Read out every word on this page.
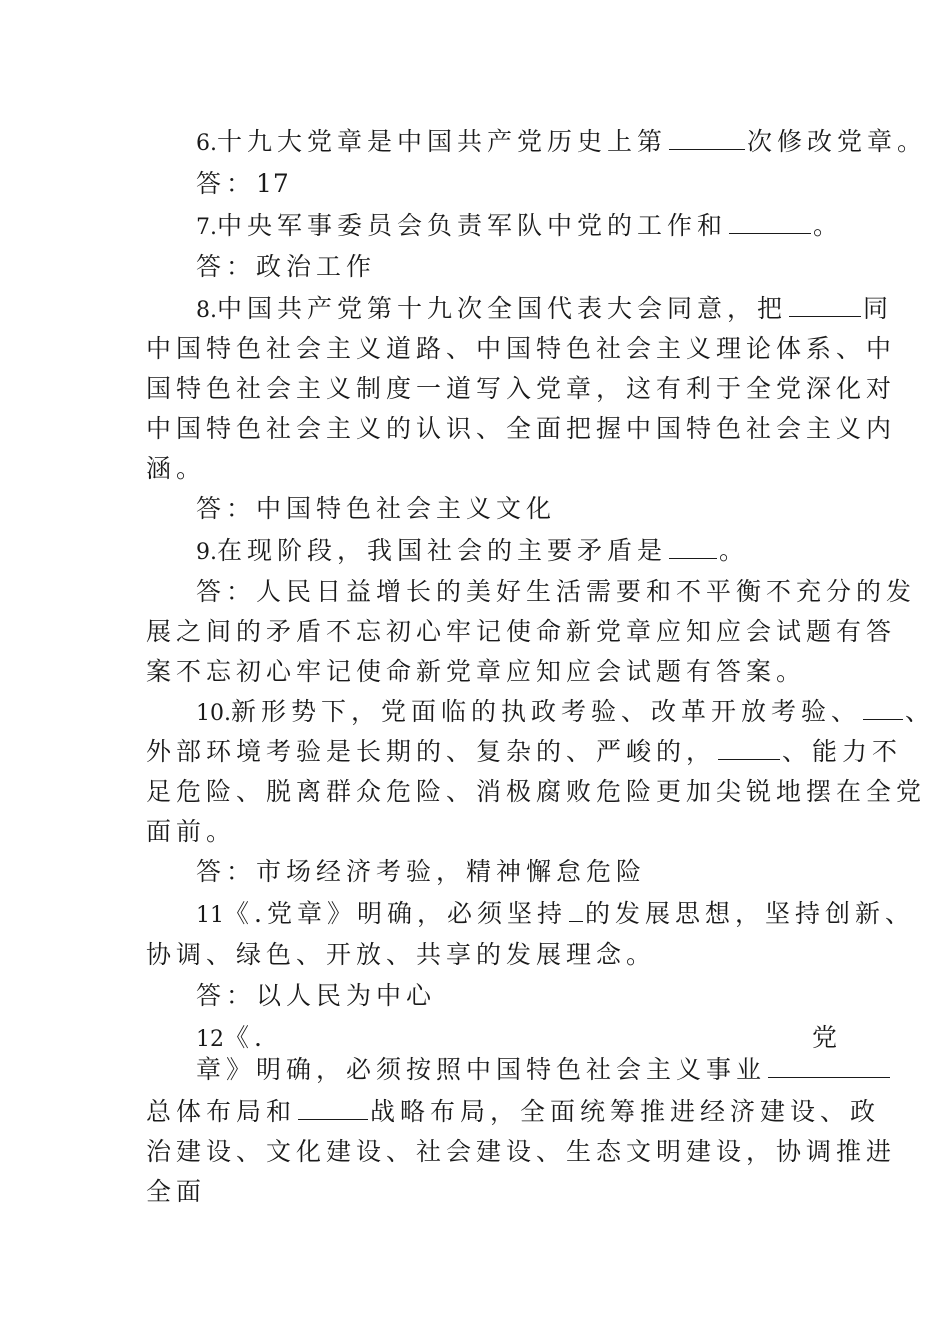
6.十九大党章是中国共产党历史上第	次修改党章。
答：17
7.中央军事委员会负责军队中党的工作和	。
答：政治工作
8.中国共产党第十九次全国代表大会同意，把	同
中国特色社会主义道路、中国特色社会主义理论体系、中
国特色社会主义制度一道写入党章，这有利于全党深化对
中国特色社会主义的认识、全面把握中国特色社会主义内
涵。
答：中国特色社会主义文化
9.在现阶段，我国社会的主要矛盾是 。
答：人民日益增长的美好生活需要和不平衡不充分的发
展之间的矛盾不忘初心牢记使命新党章应知应会试题有答
案不忘初心牢记使命新党章应知应会试题有答案。
10.新形势下，党面临的执政考验、改革开放考验、 、
外部环境考验是长期的、复杂的、严峻的，	、能力不
足危险、脱离群众危险、消极腐败危险更加尖锐地摆在全党
面前。
答：市场经济考验，精神懈怠危险
11《.党章》明确，必须坚持 的发展思想，坚持创新、
协调、绿色、开放、共享的发展理念。
答：以人民为中心
12《.	党
章》明确，必须按照中国特色社会主义事业
总体布局和	战略布局，全面统筹推进经济建设、政
治建设、文化建设、社会建设、生态文明建设，协调推进
全面
